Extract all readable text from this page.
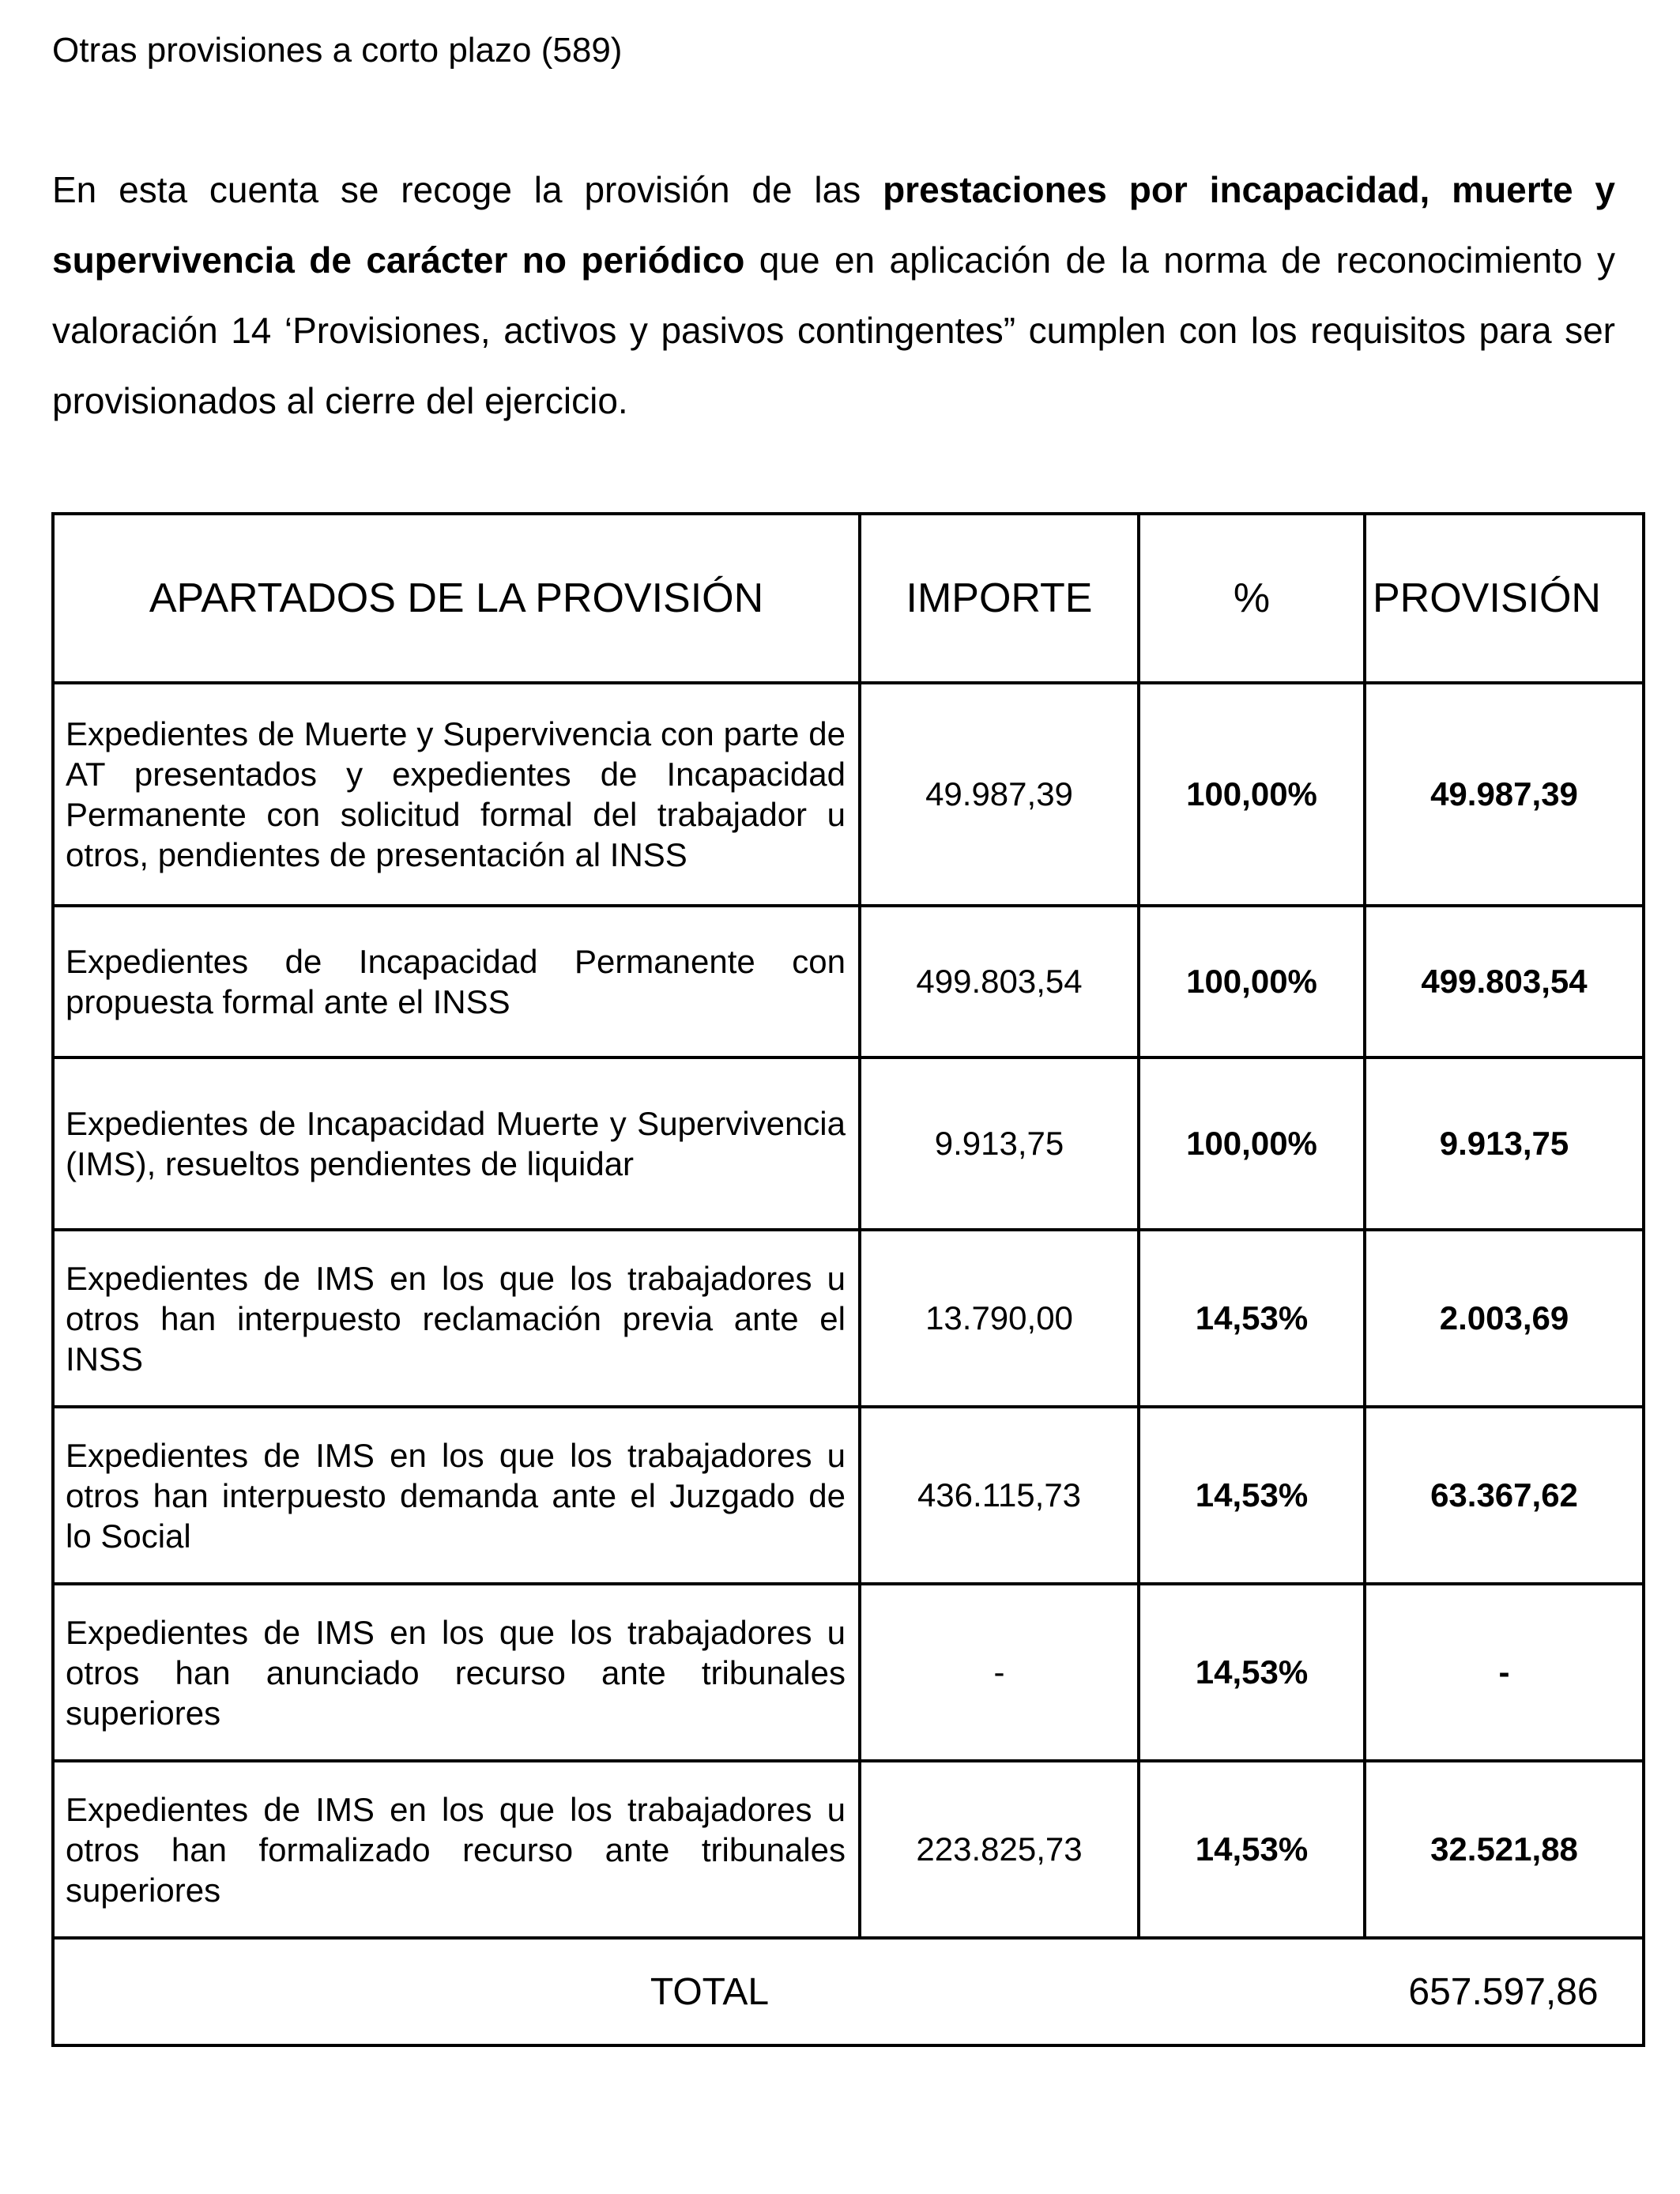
Otras provisiones a corto plazo (589)

En esta cuenta se recoge la provisión de las prestaciones por incapacidad, muerte y supervivencia de carácter no periódico que en aplicación de la norma de reconocimiento y valoración 14 ‘Provisiones, activos y pasivos contingentes” cumplen con los requisitos para ser provisionados al cierre del ejercicio.

APARTADOS DE LA PROVISIÓN	IMPORTE	%	PROVISIÓN
Expedientes de Muerte y Supervivencia con parte de AT presentados y expedientes de Incapacidad Permanente con solicitud formal del trabajador u otros, pendientes de presentación al INSS	49.987,39	100,00%	49.987,39
Expedientes de Incapacidad Permanente con propuesta formal ante el INSS	499.803,54	100,00%	499.803,54
Expedientes de Incapacidad Muerte y Supervivencia (IMS), resueltos pendientes de liquidar	9.913,75	100,00%	9.913,75
Expedientes de IMS en los que los trabajadores u otros han interpuesto reclamación previa ante el INSS	13.790,00	14,53%	2.003,69
Expedientes de IMS en los que los trabajadores u otros han interpuesto demanda ante el Juzgado de lo Social	436.115,73	14,53%	63.367,62
Expedientes de IMS en los que los trabajadores u otros han anunciado recurso ante tribunales superiores	-	14,53%	-
Expedientes de IMS en los que los trabajadores u otros han formalizado recurso ante tribunales superiores	223.825,73	14,53%	32.521,88
TOTAL			657.597,86
